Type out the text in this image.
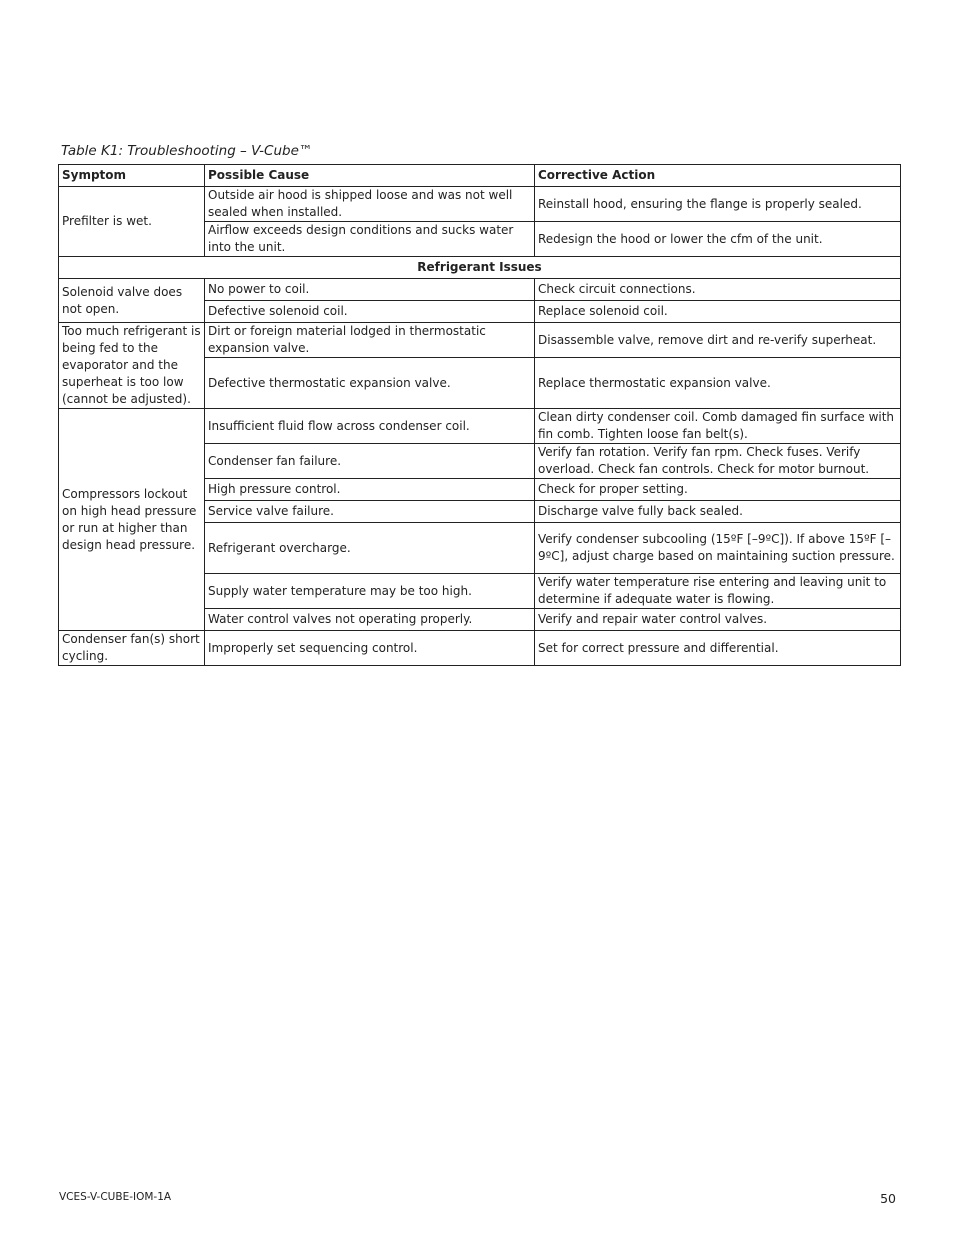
Table K1: Troubleshooting – V-Cube™
Symptom	Possible Cause	Corrective Action
Prefilter is wet.	Outside air hood is shipped loose and was not well sealed when installed.	Reinstall hood, ensuring the flange is properly sealed.
	Airflow exceeds design conditions and sucks water into the unit.	Redesign the hood or lower the cfm of the unit.
Refrigerant Issues		
Solenoid valve does not open.	No power to coil.	Check circuit connections.
	Defective solenoid coil.	Replace solenoid coil.
Too much refrigerant is being fed to the evaporator and the superheat is too low (cannot be adjusted).	Dirt or foreign material lodged in thermostatic expansion valve.	Disassemble valve, remove dirt and re-verify superheat.
	Defective thermostatic expansion valve.	Replace thermostatic expansion valve.
Compressors lockout on high head pressure or run at higher than design head pressure.	Insufficient fluid flow across condenser coil.	Clean dirty condenser coil. Comb damaged fin surface with fin comb. Tighten loose fan belt(s).
	Condenser fan failure.	Verify fan rotation. Verify fan rpm. Check fuses. Verify overload. Check fan controls. Check for motor burnout.
	High pressure control.	Check for proper setting.
	Service valve failure.	Discharge valve fully back sealed.
	Refrigerant overcharge.	Verify condenser subcooling (15ºF [–9ºC]). If above 15ºF [–9ºC], adjust charge based on maintaining suction pressure.
	Supply water temperature may be too high.	Verify water temperature rise entering and leaving unit to determine if adequate water is flowing.
	Water control valves not operating properly.	Verify and repair water control valves.
Condenser fan(s) short cycling.	Improperly set sequencing control.	Set for correct pressure and differential.
VCES-V-CUBE-IOM-1A	50
